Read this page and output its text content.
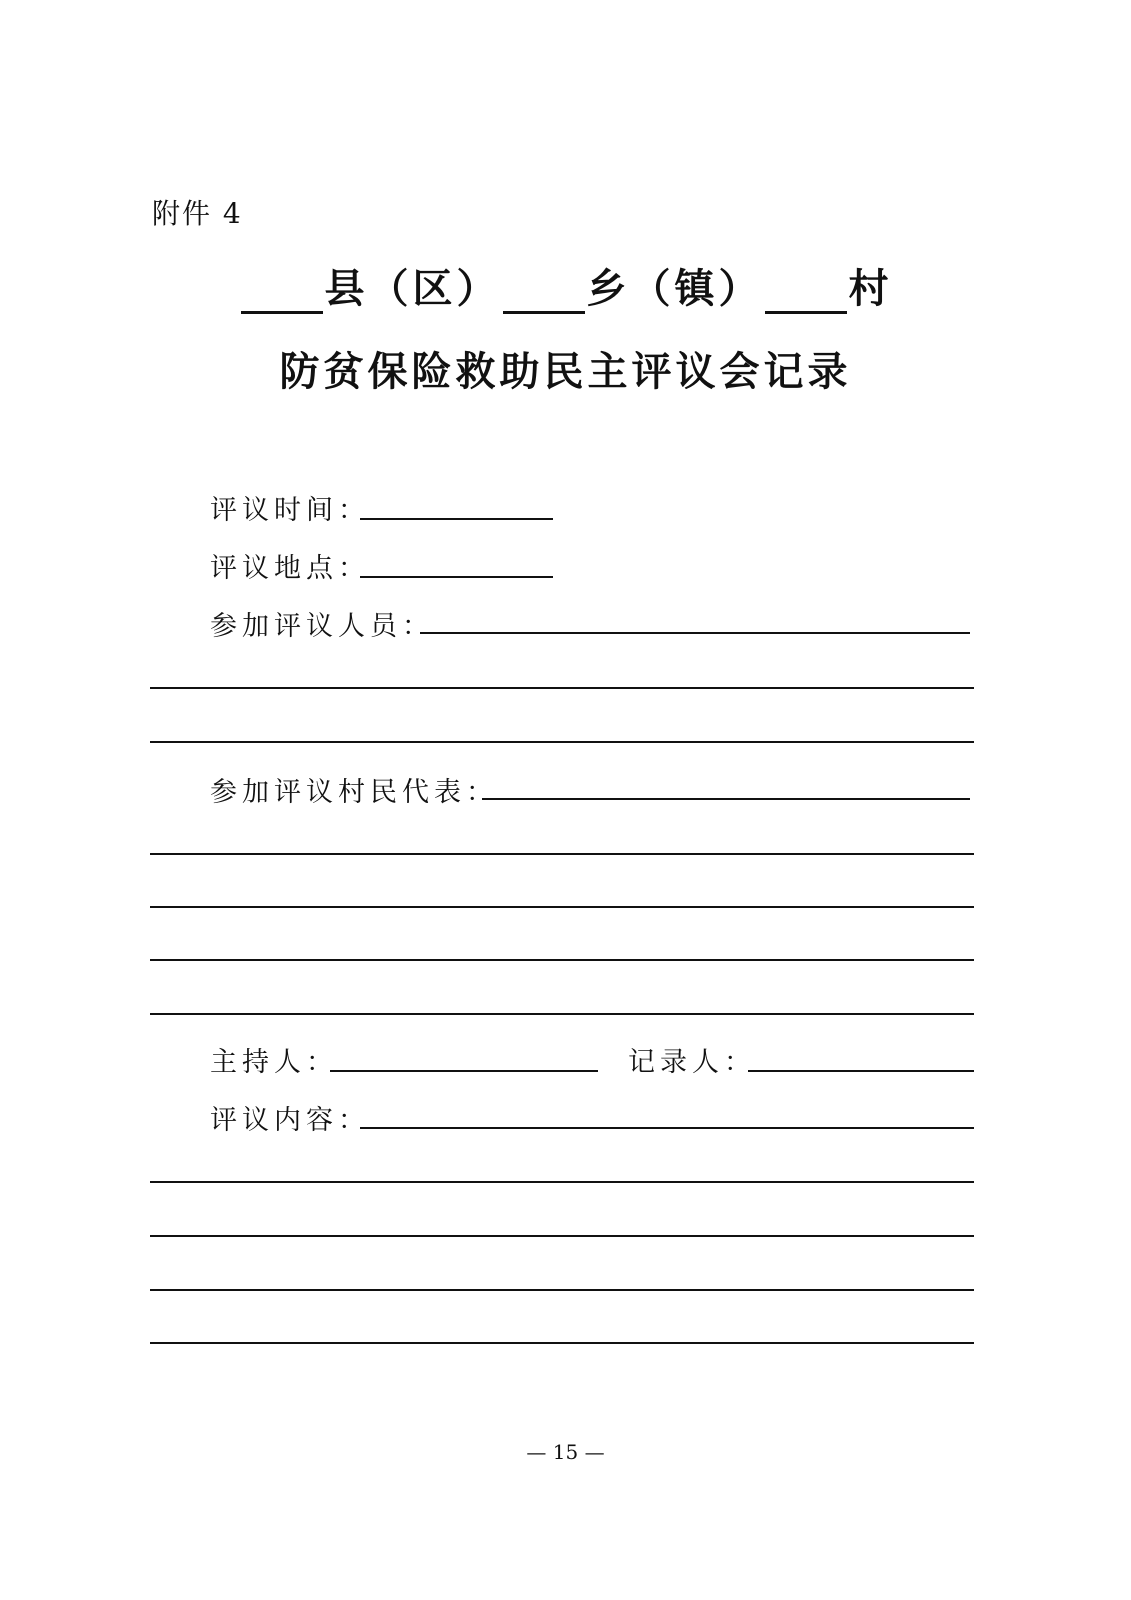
附件 4
县（区） 乡（镇） 村
防贫保险救助民主评议会记录
评议时间：
评议地点：
参加评议人员：
参加评议村民代表：
主持人：	记录人：
评议内容：
— 15 —
